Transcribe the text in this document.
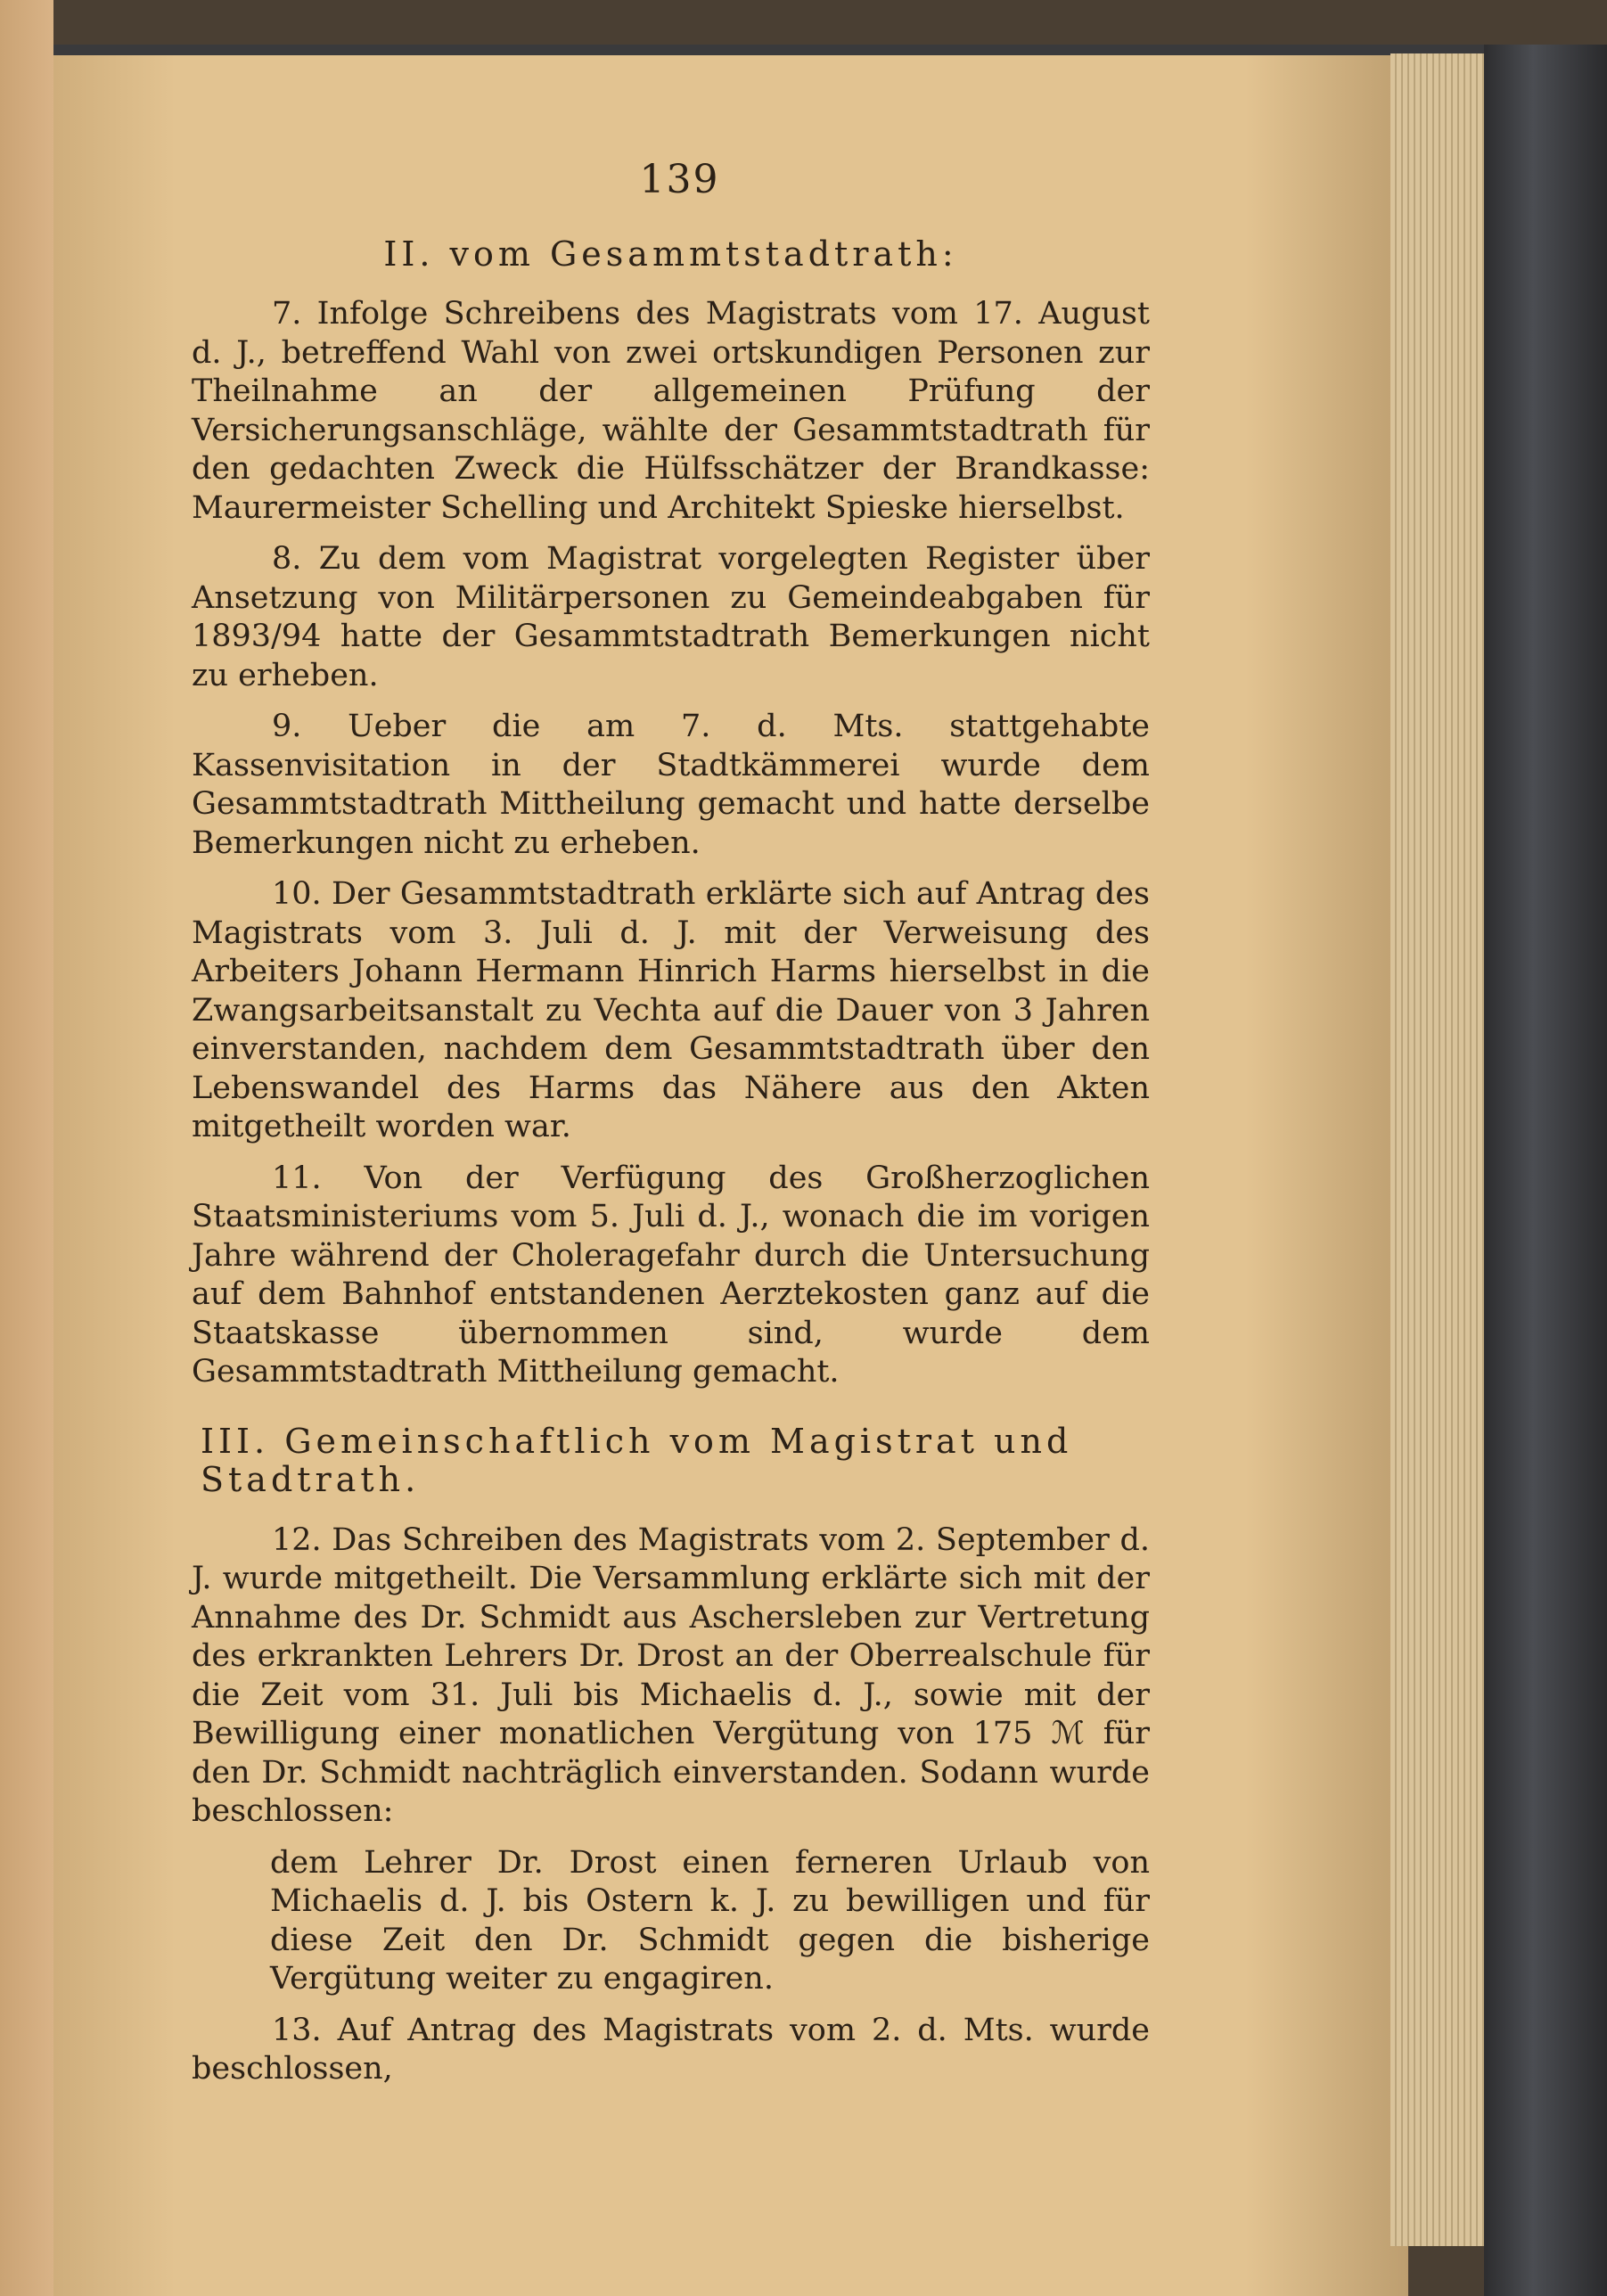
139
II. vom Gesammtstadtrath:

7. Infolge Schreibens des Magistrats vom 17. August d. J., betreffend Wahl von zwei ortskundigen Personen zur Theilnahme an der allgemeinen Prüfung der Versicherungsanschläge, wählte der Gesammtstadtrath für den gedachten Zweck die Hülfsschätzer der Brandkasse: Maurermeister Schelling und Architekt Spieske hierselbst.

8. Zu dem vom Magistrat vorgelegten Register über Ansetzung von Militärpersonen zu Gemeindeabgaben für 1893/94 hatte der Gesammtstadtrath Bemerkungen nicht zu erheben.

9. Ueber die am 7. d. Mts. stattgehabte Kassenvisitation in der Stadtkämmerei wurde dem Gesammtstadtrath Mittheilung gemacht und hatte derselbe Bemerkungen nicht zu erheben.

10. Der Gesammtstadtrath erklärte sich auf Antrag des Magistrats vom 3. Juli d. J. mit der Verweisung des Arbeiters Johann Hermann Hinrich Harms hierselbst in die Zwangsarbeitsanstalt zu Vechta auf die Dauer von 3 Jahren einverstanden, nachdem dem Gesammtstadtrath über den Lebenswandel des Harms das Nähere aus den Akten mitgetheilt worden war.

11. Von der Verfügung des Großherzoglichen Staatsministeriums vom 5. Juli d. J., wonach die im vorigen Jahre während der Choleragefahr durch die Untersuchung auf dem Bahnhof entstandenen Aerztekosten ganz auf die Staatskasse übernommen sind, wurde dem Gesammtstadtrath Mittheilung gemacht.

III. Gemeinschaftlich vom Magistrat und Stadtrath.

12. Das Schreiben des Magistrats vom 2. September d. J. wurde mitgetheilt. Die Versammlung erklärte sich mit der Annahme des Dr. Schmidt aus Aschersleben zur Vertretung des erkrankten Lehrers Dr. Drost an der Oberrealschule für die Zeit vom 31. Juli bis Michaelis d. J., sowie mit der Bewilligung einer monatlichen Vergütung von 175 ℳ für den Dr. Schmidt nachträglich einverstanden. Sodann wurde beschlossen:

dem Lehrer Dr. Drost einen ferneren Urlaub von Michaelis d. J. bis Ostern k. J. zu bewilligen und für diese Zeit den Dr. Schmidt gegen die bisherige Vergütung weiter zu engagiren.

13. Auf Antrag des Magistrats vom 2. d. Mts. wurde beschlossen,
